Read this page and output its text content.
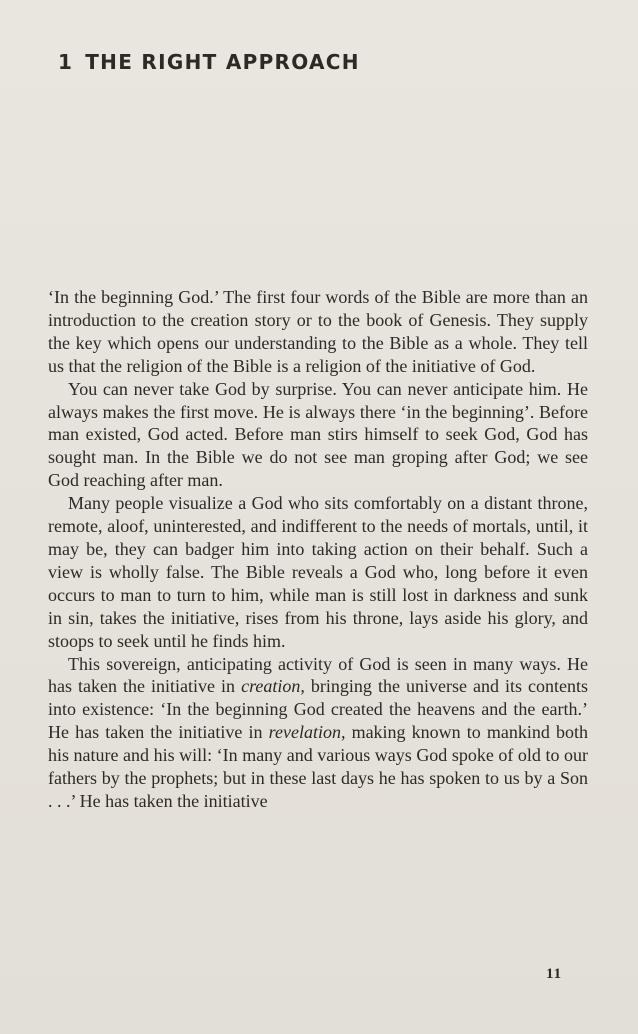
1 THE RIGHT APPROACH

‘In the beginning God.’ The first four words of the Bible are more than an introduction to the creation story or to the book of Genesis. They supply the key which opens our understanding to the Bible as a whole. They tell us that the religion of the Bible is a religion of the initiative of God.

You can never take God by surprise. You can never anticipate him. He always makes the first move. He is always there ‘in the beginning’. Before man existed, God acted. Before man stirs himself to seek God, God has sought man. In the Bible we do not see man groping after God; we see God reaching after man.

Many people visualize a God who sits comfortably on a distant throne, remote, aloof, uninterested, and indifferent to the needs of mortals, until, it may be, they can badger him into taking action on their behalf. Such a view is wholly false. The Bible reveals a God who, long before it even occurs to man to turn to him, while man is still lost in darkness and sunk in sin, takes the initiative, rises from his throne, lays aside his glory, and stoops to seek until he finds him.

This sovereign, anticipating activity of God is seen in many ways. He has taken the initiative in creation, bringing the universe and its contents into existence: ‘In the beginning God created the heavens and the earth.’ He has taken the initiative in revelation, making known to mankind both his nature and his will: ‘In many and various ways God spoke of old to our fathers by the prophets; but in these last days he has spoken to us by a Son . . .’ He has taken the initiative

11
